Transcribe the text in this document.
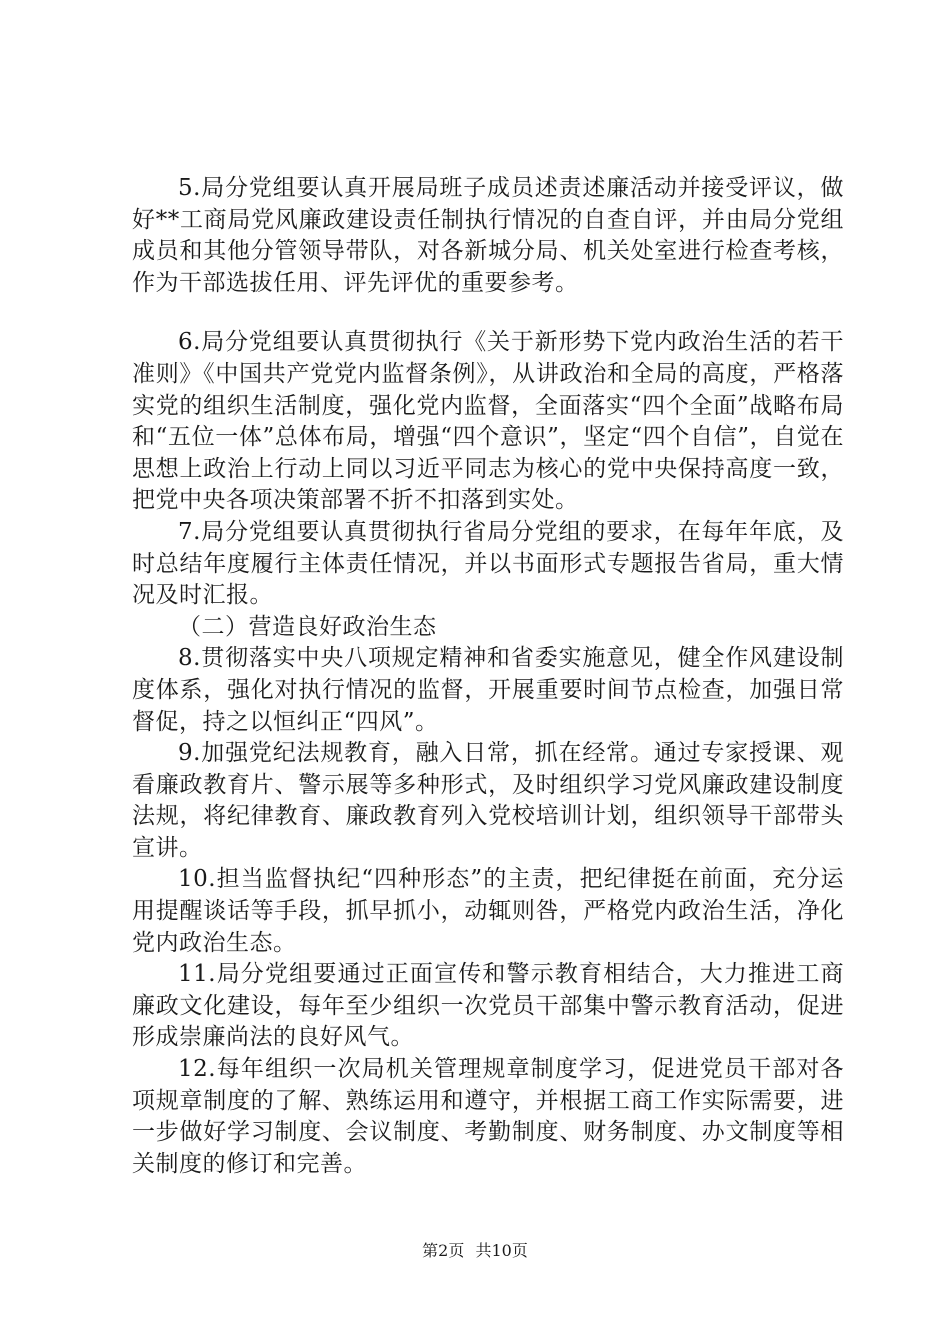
5.局分党组要认真开展局班子成员述责述廉活动并接受评议，做好**工商局党风廉政建设责任制执行情况的自查自评，并由局分党组成员和其他分管领导带队，对各新城分局、机关处室进行检查考核，作为干部选拔任用、评先评优的重要参考。

6.局分党组要认真贯彻执行《关于新形势下党内政治生活的若干准则》《中国共产党党内监督条例》，从讲政治和全局的高度，严格落实党的组织生活制度，强化党内监督，全面落实“四个全面”战略布局和“五位一体”总体布局，增强“四个意识”，坚定“四个自信”，自觉在思想上政治上行动上同以习近平同志为核心的党中央保持高度一致，把党中央各项决策部署不折不扣落到实处。

7.局分党组要认真贯彻执行省局分党组的要求，在每年年底，及时总结年度履行主体责任情况，并以书面形式专题报告省局，重大情况及时汇报。

（二）营造良好政治生态

8.贯彻落实中央八项规定精神和省委实施意见，健全作风建设制度体系，强化对执行情况的监督，开展重要时间节点检查，加强日常督促，持之以恒纠正“四风”。

9.加强党纪法规教育，融入日常，抓在经常。通过专家授课、观看廉政教育片、警示展等多种形式，及时组织学习党风廉政建设制度法规，将纪律教育、廉政教育列入党校培训计划，组织领导干部带头宣讲。

10.担当监督执纪“四种形态”的主责，把纪律挺在前面，充分运用提醒谈话等手段，抓早抓小，动辄则咎，严格党内政治生活，净化党内政治生态。

11.局分党组要通过正面宣传和警示教育相结合，大力推进工商廉政文化建设，每年至少组织一次党员干部集中警示教育活动，促进形成崇廉尚法的良好风气。

12.每年组织一次局机关管理规章制度学习，促进党员干部对各项规章制度的了解、熟练运用和遵守，并根据工商工作实际需要，进一步做好学习制度、会议制度、考勤制度、财务制度、办文制度等相关制度的修订和完善。

第2页 共10页
